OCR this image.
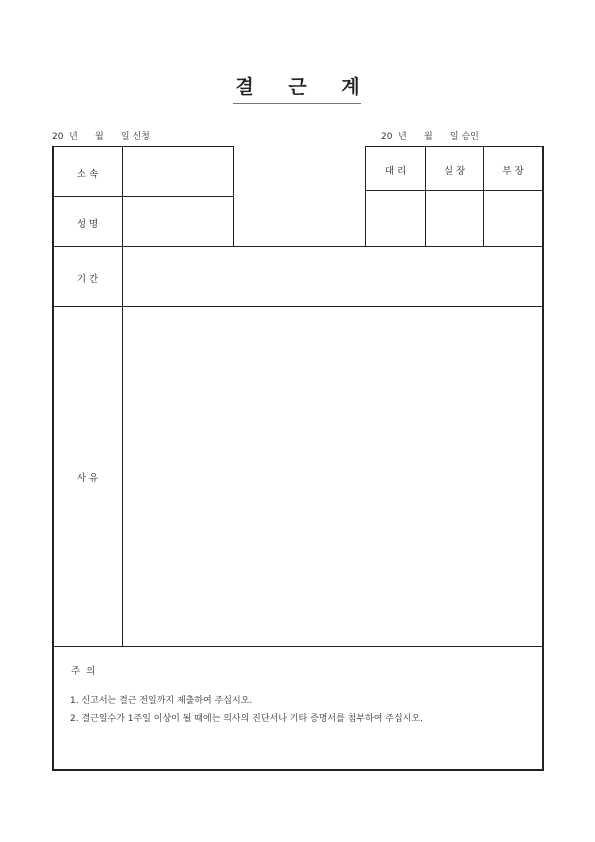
결 근 계
20  년      월      일 신청	20  년      월      일 승인
소 속
성 명
기 간
사 유
대 리	실 장	부 장
주  의
1. 신고서는 결근 전일까지 제출하여 주십시오.
2. 결근일수가 1주일 이상이 될 때에는 의사의 진단서나 기타 증명서를 첨부하여 주십시오.
